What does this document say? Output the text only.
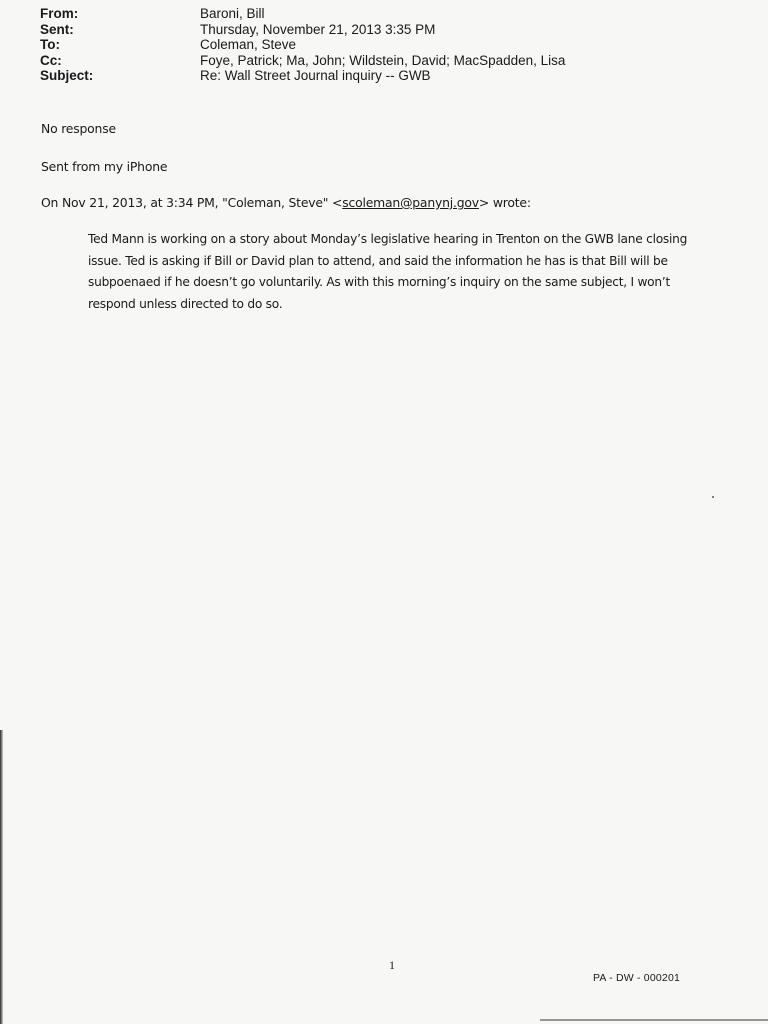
From:	Baroni, Bill
Sent:	Thursday, November 21, 2013 3:35 PM
To:	Coleman, Steve
Cc:	Foye, Patrick; Ma, John; Wildstein, David; MacSpadden, Lisa
Subject:	Re: Wall Street Journal inquiry -- GWB
No response
Sent from my iPhone
On Nov 21, 2013, at 3:34 PM, "Coleman, Steve" <scoleman@panynj.gov> wrote:
Ted Mann is working on a story about Monday’s legislative hearing in Trenton on the GWB lane closing
issue. Ted is asking if Bill or David plan to attend, and said the information he has is that Bill will be
subpoenaed if he doesn’t go voluntarily. As with this morning’s inquiry on the same subject, I won’t
respond unless directed to do so.
1
PA - DW - 000201
